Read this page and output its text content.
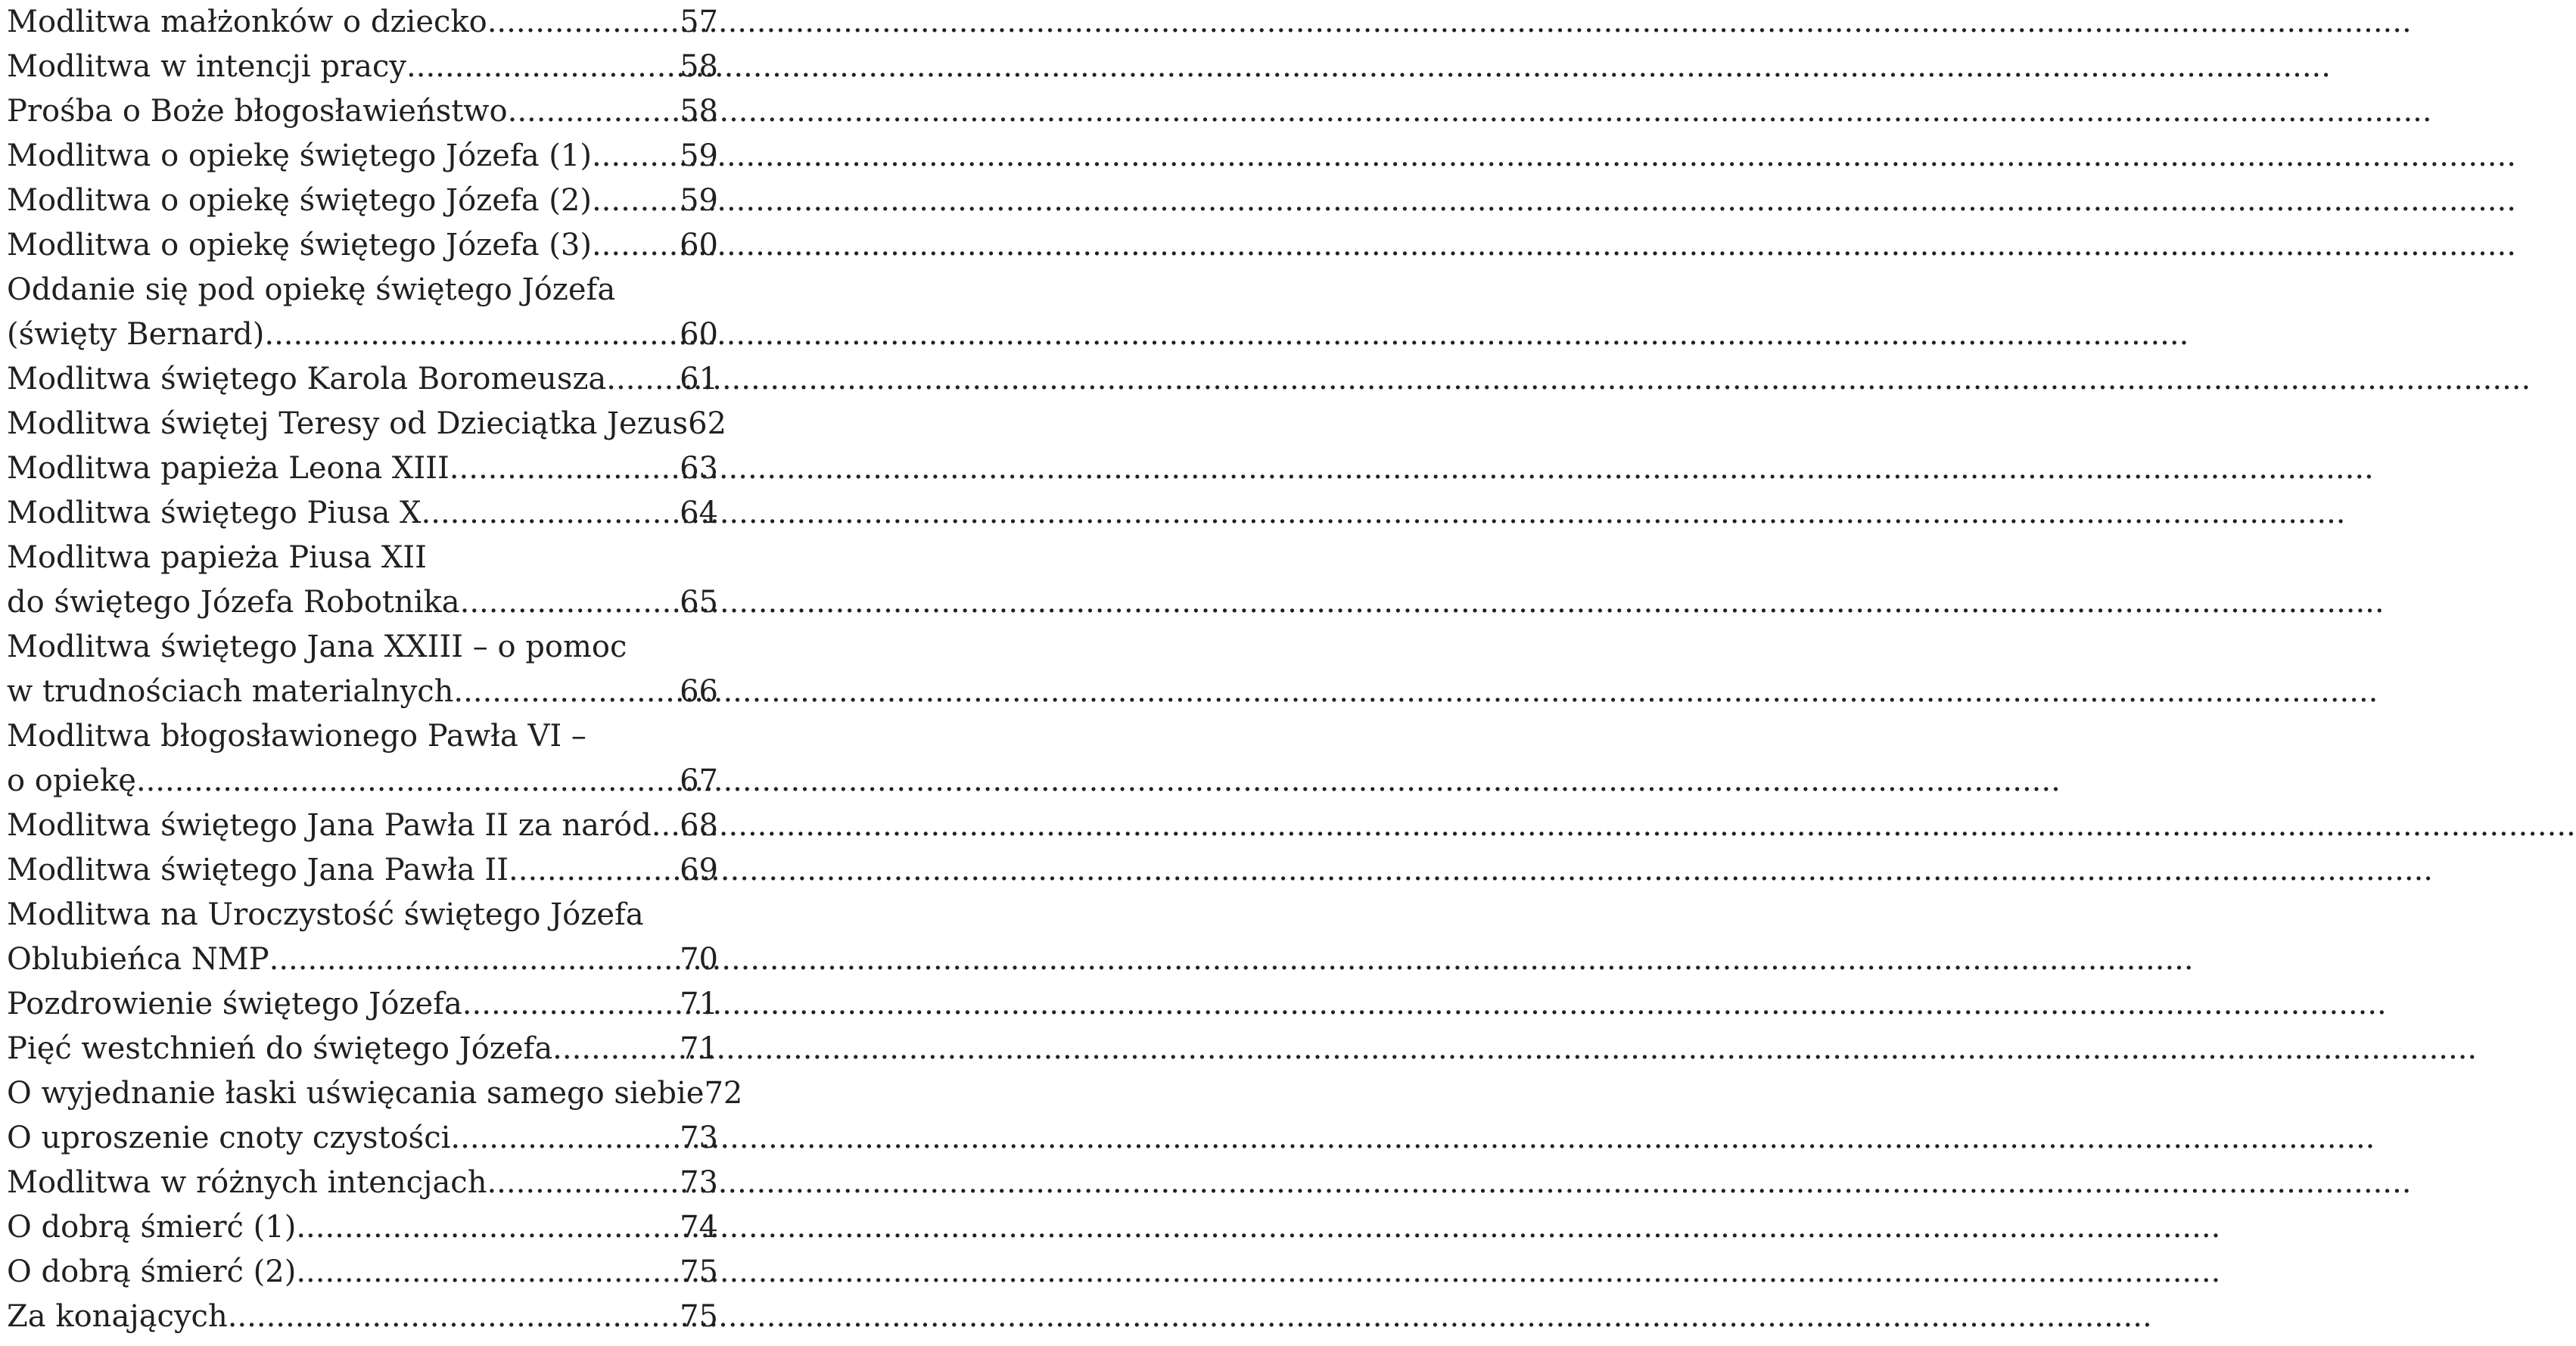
Modlitwa małżonków o dziecko .....	57
Modlitwa w intencji pracy .....	58
Prośba o Boże błogosławieństwo .....	58
Modlitwa o opiekę świętego Józefa (1) .....	59
Modlitwa o opiekę świętego Józefa (2) .....	59
Modlitwa o opiekę świętego Józefa (3) .....	60
Oddanie się pod opiekę świętego Józefa
(święty Bernard) .....	60
Modlitwa świętego Karola Boromeusza ..... 61
Modlitwa świętej Teresy od Dzieciątka Jezus 62
Modlitwa papieża Leona XIII .....	63
Modlitwa świętego Piusa X .....	64
Modlitwa papieża Piusa XII
do świętego Józefa Robotnika .....	65
Modlitwa świętego Jana XXIII – o pomoc
w trudnościach materialnych .....	66
Modlitwa błogosławionego Pawła VI –
o opiekę .....	67
Modlitwa świętego Jana Pawła II za naród ..... 68
Modlitwa świętego Jana Pawła II .....	69
Modlitwa na Uroczystość świętego Józefa
Oblubieńca NMP .....	70
Pozdrowienie świętego Józefa .....	71
Pięć westchnień do świętego Józefa .....	71
O wyjednanie łaski uświęcania samego siebie 72
O uproszenie cnoty czystości .....	73
Modlitwa w różnych intencjach .....	73
O dobrą śmierć (1) .....	74
O dobrą śmierć (2) .....	75
Za konających .....	75
